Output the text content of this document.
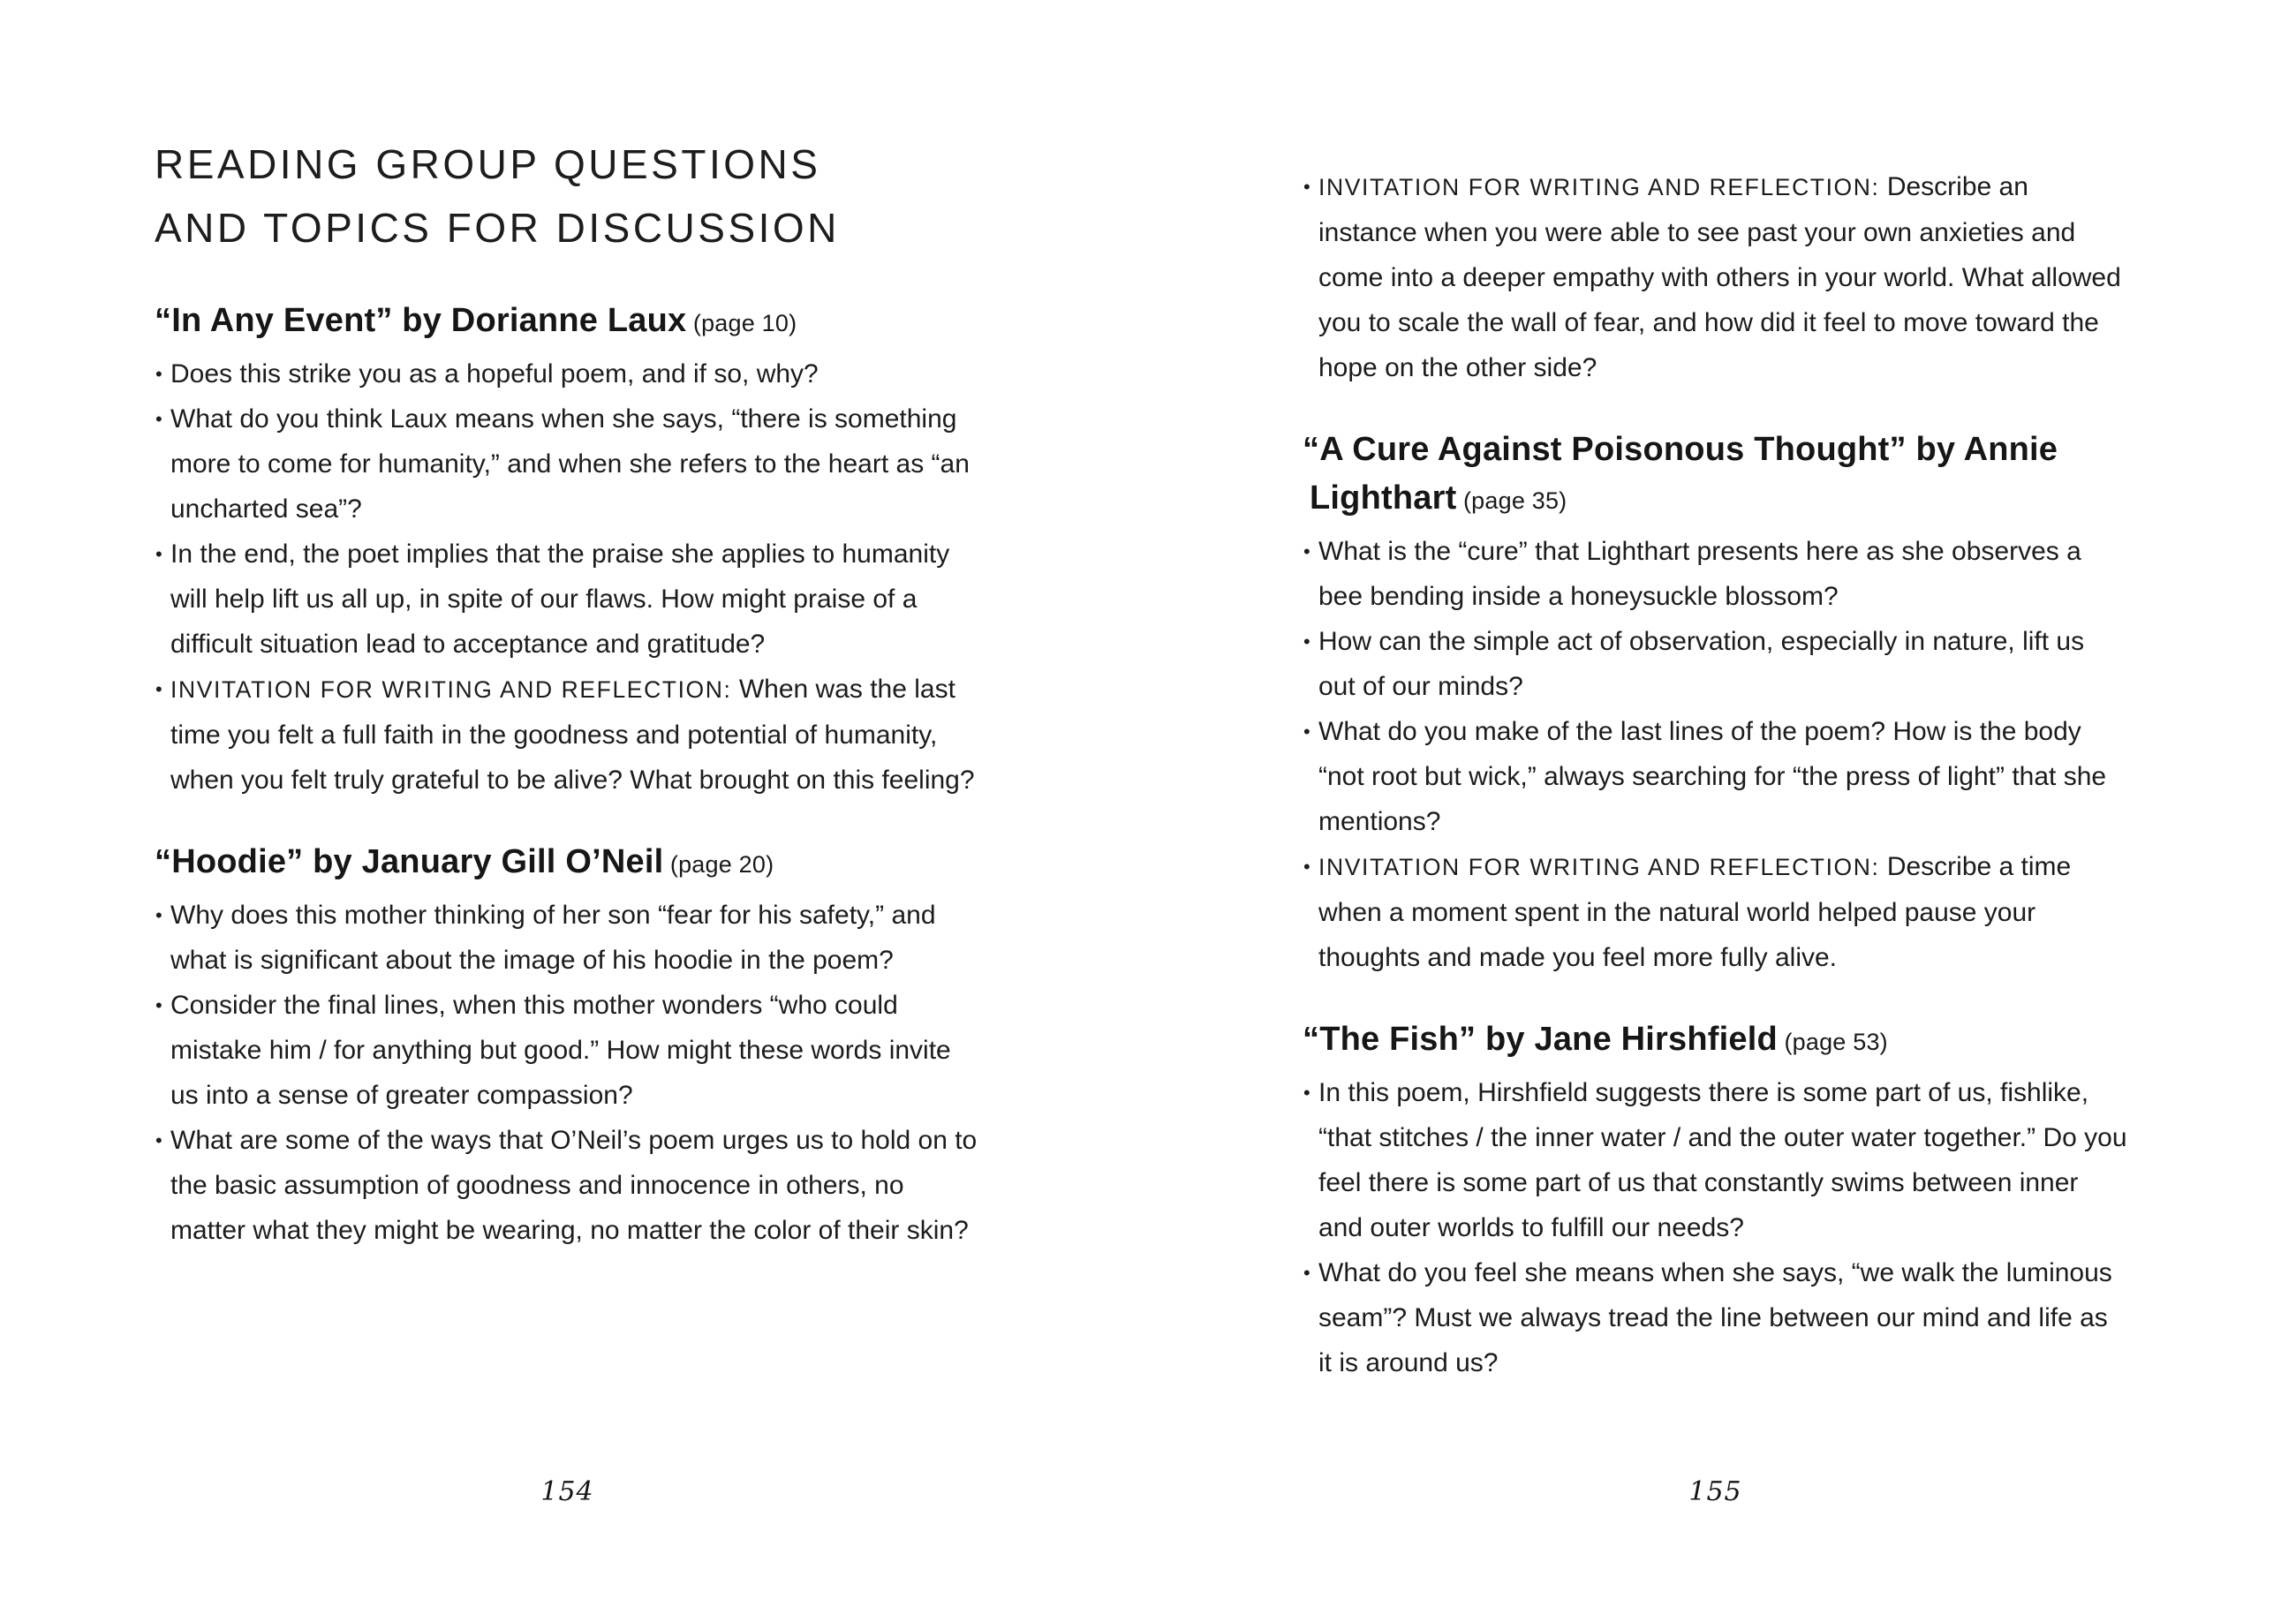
READING GROUP QUESTIONS
AND TOPICS FOR DISCUSSION
“In Any Event” by Dorianne Laux (page 10)
• Does this strike you as a hopeful poem, and if so, why?
• What do you think Laux means when she says, “there is something more to come for humanity,” and when she refers to the heart as “an uncharted sea”?
• In the end, the poet implies that the praise she applies to humanity will help lift us all up, in spite of our flaws. How might praise of a difficult situation lead to acceptance and gratitude?
• INVITATION FOR WRITING AND REFLECTION: When was the last time you felt a full faith in the goodness and potential of humanity, when you felt truly grateful to be alive? What brought on this feeling?
“Hoodie” by January Gill O’Neil (page 20)
• Why does this mother thinking of her son “fear for his safety,” and what is significant about the image of his hoodie in the poem?
• Consider the final lines, when this mother wonders “who could mistake him / for anything but good.” How might these words invite us into a sense of greater compassion?
• What are some of the ways that O’Neil’s poem urges us to hold on to the basic assumption of goodness and innocence in others, no matter what they might be wearing, no matter the color of their skin?
154
• INVITATION FOR WRITING AND REFLECTION: Describe an instance when you were able to see past your own anxieties and come into a deeper empathy with others in your world. What allowed you to scale the wall of fear, and how did it feel to move toward the hope on the other side?
“A Cure Against Poisonous Thought” by Annie Lighthart (page 35)
• What is the “cure” that Lighthart presents here as she observes a bee bending inside a honeysuckle blossom?
• How can the simple act of observation, especially in nature, lift us out of our minds?
• What do you make of the last lines of the poem? How is the body “not root but wick,” always searching for “the press of light” that she mentions?
• INVITATION FOR WRITING AND REFLECTION: Describe a time when a moment spent in the natural world helped pause your thoughts and made you feel more fully alive.
“The Fish” by Jane Hirshfield (page 53)
• In this poem, Hirshfield suggests there is some part of us, fishlike, “that stitches / the inner water / and the outer water together.” Do you feel there is some part of us that constantly swims between inner and outer worlds to fulfill our needs?
• What do you feel she means when she says, “we walk the luminous seam”? Must we always tread the line between our mind and life as it is around us?
155
